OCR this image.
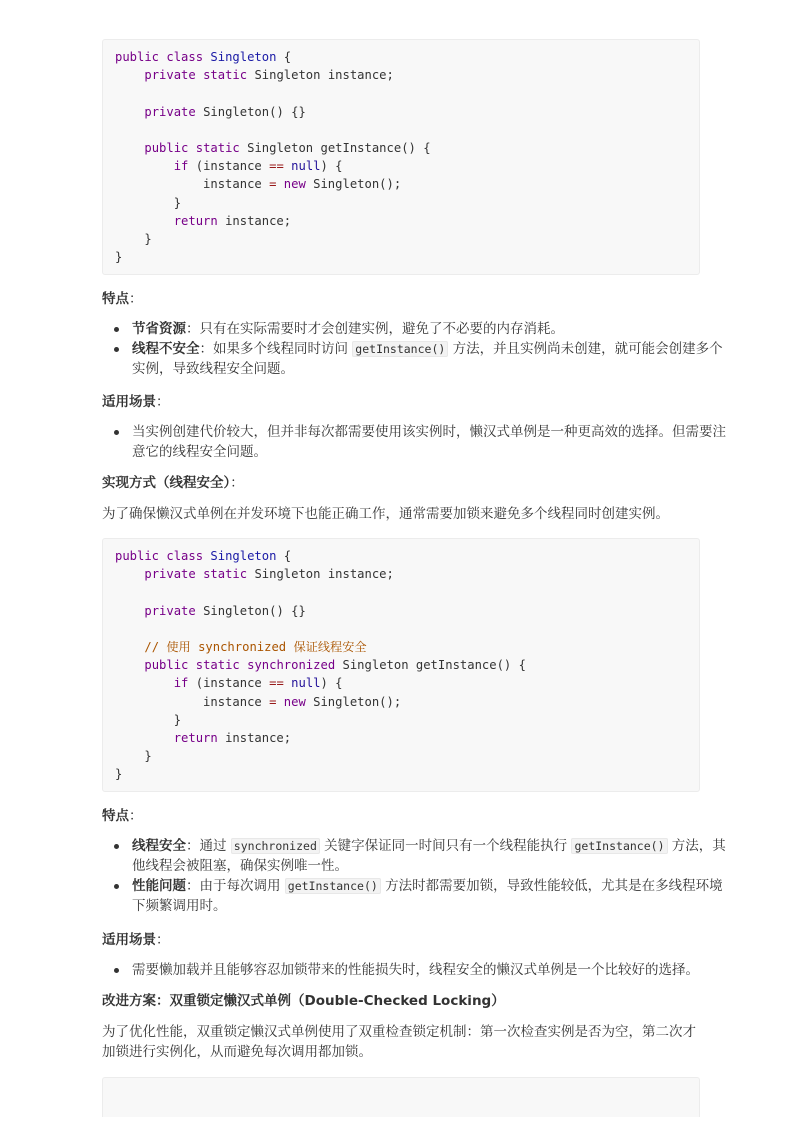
public class Singleton {
private static Singleton instance;
private Singleton() {}
public static Singleton getInstance() {
if (instance == null) {
instance = new Singleton();
}
return instance;
}
}

特点：

节省资源：只有在实际需要时才会创建实例，避免了不必要的内存消耗。
线程不安全：如果多个线程同时访问 getInstance() 方法，并且实例尚未创建，就可能会创建多个实例，导致线程安全问题。

适用场景：

当实例创建代价较大，但并非每次都需要使用该实例时，懒汉式单例是一种更高效的选择。但需要注意它的线程安全问题。

实现方式（线程安全）：

为了确保懒汉式单例在并发环境下也能正确工作，通常需要加锁来避免多个线程同时创建实例。

public class Singleton {
private static Singleton instance;
private Singleton() {}
// 使用 synchronized 保证线程安全
public static synchronized Singleton getInstance() {
if (instance == null) {
instance = new Singleton();
}
return instance;
}
}

特点：

线程安全：通过 synchronized 关键字保证同一时间只有一个线程能执行 getInstance() 方法，其他线程会被阻塞，确保实例唯一性。
性能问题：由于每次调用 getInstance() 方法时都需要加锁，导致性能较低，尤其是在多线程环境下频繁调用时。

适用场景：

需要懒加载并且能够容忍加锁带来的性能损失时，线程安全的懒汉式单例是一个比较好的选择。

改进方案：双重锁定懒汉式单例（Double-Checked Locking）

为了优化性能，双重锁定懒汉式单例使用了双重检查锁定机制：第一次检查实例是否为空，第二次才加锁进行实例化，从而避免每次调用都加锁。
